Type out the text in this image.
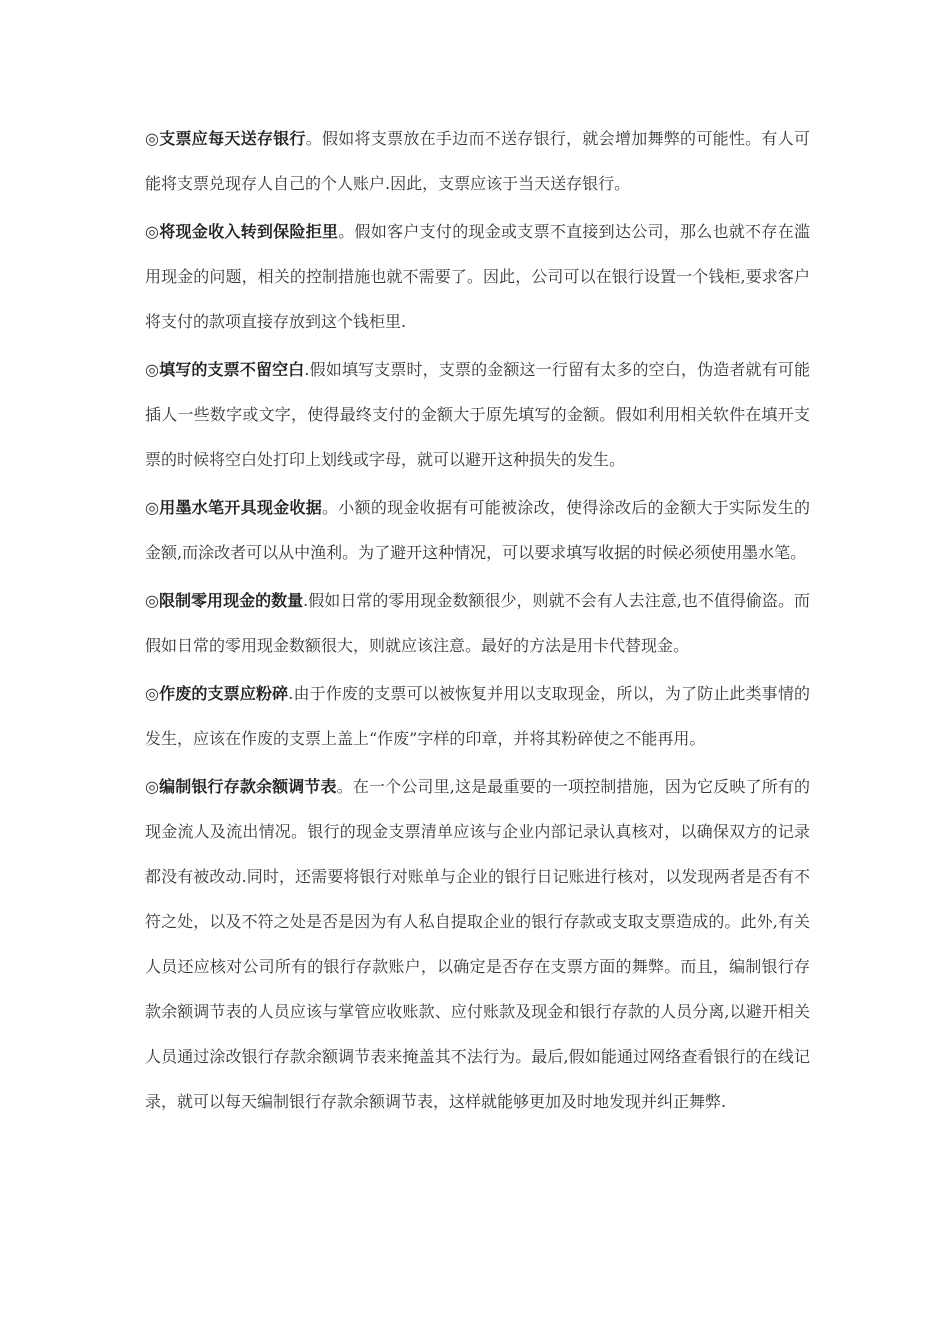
◎支票应每天送存银行。假如将支票放在手边而不送存银行，就会增加舞弊的可能性。有人可能将支票兑现存人自己的个人账户.因此，支票应该于当天送存银行。

◎将现金收入转到保险拒里。假如客户支付的现金或支票不直接到达公司，那么也就不存在滥用现金的问题，相关的控制措施也就不需要了。因此，公司可以在银行设置一个钱柜,要求客户将支付的款项直接存放到这个钱柜里.

◎填写的支票不留空白.假如填写支票时，支票的金额这一行留有太多的空白，伪造者就有可能插人一些数字或文字，使得最终支付的金额大于原先填写的金额。假如利用相关软件在填开支票的时候将空白处打印上划线或字母，就可以避开这种损失的发生。

◎用墨水笔开具现金收据。小额的现金收据有可能被涂改，使得涂改后的金额大于实际发生的金额,而涂改者可以从中渔利。为了避开这种情况，可以要求填写收据的时候必须使用墨水笔。

◎限制零用现金的数量.假如日常的零用现金数额很少，则就不会有人去注意,也不值得偷盗。而假如日常的零用现金数额很大，则就应该注意。最好的方法是用卡代替现金。

◎作废的支票应粉碎.由于作废的支票可以被恢复并用以支取现金，所以，为了防止此类事情的发生，应该在作废的支票上盖上“作废”字样的印章，并将其粉碎使之不能再用。

◎编制银行存款余额调节表。在一个公司里,这是最重要的一项控制措施，因为它反映了所有的现金流人及流出情况。银行的现金支票清单应该与企业内部记录认真核对，以确保双方的记录都没有被改动.同时，还需要将银行对账单与企业的银行日记账进行核对，以发现两者是否有不符之处，以及不符之处是否是因为有人私自提取企业的银行存款或支取支票造成的。此外,有关人员还应核对公司所有的银行存款账户，以确定是否存在支票方面的舞弊。而且，编制银行存款余额调节表的人员应该与掌管应收账款、应付账款及现金和银行存款的人员分离,以避开相关人员通过涂改银行存款余额调节表来掩盖其不法行为。最后,假如能通过网络查看银行的在线记录，就可以每天编制银行存款余额调节表，这样就能够更加及时地发现并纠正舞弊.
